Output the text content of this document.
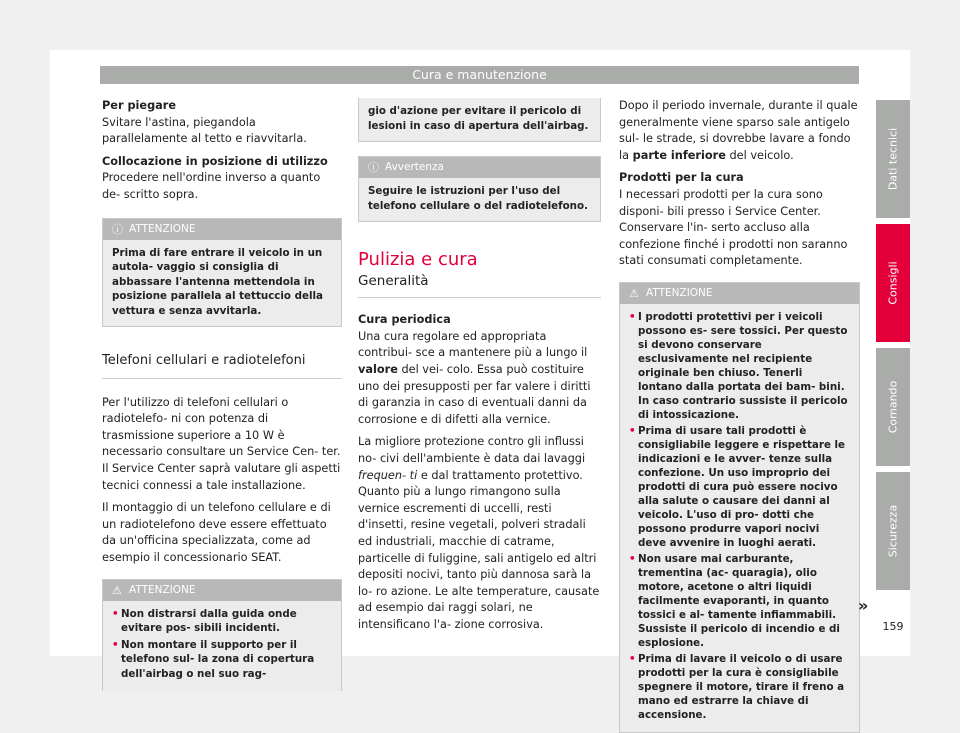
Cura e manutenzione

Per piegare

Svitare l'astina, piegandola parallelamente al tetto e riavvitarla.

Collocazione in posizione di utilizzo

Procedere nell'ordine inverso a quanto de- scritto sopra.

ⓘ ATTENZIONE
Prima di fare entrare il veicolo in un autola- vaggio si consiglia di abbassare l'antenna mettendola in posizione parallela al tettuccio della vettura e senza avvitarla.

Telefoni cellulari e radiotelefoni

Per l'utilizzo di telefoni cellulari o radiotelefo- ni con potenza di trasmissione superiore a 10 W è necessario consultare un Service Cen- ter. Il Service Center saprà valutare gli aspetti tecnici connessi a tale installazione.

Il montaggio di un telefono cellulare e di un radiotelefono deve essere effettuato da un'officina specializzata, come ad esempio il concessionario SEAT.

⚠ ATTENZIONE
• Non distrarsi dalla guida onde evitare pos- sibili incidenti.
• Non montare il supporto per il telefono sul- la zona di copertura dell'airbag o nel suo rag-
gio d'azione per evitare il pericolo di lesioni in caso di apertura dell'airbag.
ⓘ Avvertenza
Seguire le istruzioni per l'uso del telefono cellulare o del radiotelefono.

Pulizia e cura

Generalità

Cura periodica

Una cura regolare ed appropriata contribui- sce a mantenere più a lungo il valore del vei- colo. Essa può costituire uno dei presupposti per far valere i diritti di garanzia in caso di eventuali danni da corrosione e di difetti alla vernice.

La migliore protezione contro gli influssi no- civi dell'ambiente è data dai lavaggi frequen- ti e dal trattamento protettivo. Quanto più a lungo rimangono sulla vernice escrementi di uccelli, resti d'insetti, resine vegetali, polveri stradali ed industriali, macchie di catrame, particelle di fuliggine, sali antigelo ed altri depositi nocivi, tanto più dannosa sarà la lo- ro azione. Le alte temperature, causate ad esempio dai raggi solari, ne intensificano l'a- zione corrosiva.

Dopo il periodo invernale, durante il quale generalmente viene sparso sale antigelo sul- le strade, si dovrebbe lavare a fondo la parte inferiore del veicolo.

Prodotti per la cura

I necessari prodotti per la cura sono disponi- bili presso i Service Center. Conservare l'in- serto accluso alla confezione finché i prodotti non saranno stati consumati completamente.

⚠ ATTENZIONE
• I prodotti protettivi per i veicoli possono es- sere tossici. Per questo si devono conservare esclusivamente nel recipiente originale ben chiuso. Tenerli lontano dalla portata dei bam- bini. In caso contrario sussiste il pericolo di intossicazione.
• Prima di usare tali prodotti è consigliabile leggere e rispettare le indicazioni e le avver- tenze sulla confezione. Un uso improprio dei prodotti di cura può essere nocivo alla salute o causare dei danni al veicolo. L'uso di pro- dotti che possono produrre vapori nocivi deve avvenire in luoghi aerati.
• Non usare mai carburante, trementina (ac- quaragia), olio motore, acetone o altri liquidi facilmente evaporanti, in quanto tossici e al- tamente infiammabili. Sussiste il pericolo di incendio e di esplosione.
• Prima di lavare il veicolo o di usare prodotti per la cura è consigliabile spegnere il motore, tirare il freno a mano ed estrarre la chiave di accensione.
»
Dati tecnici
Consigli
Comando
Sicurezza
159
